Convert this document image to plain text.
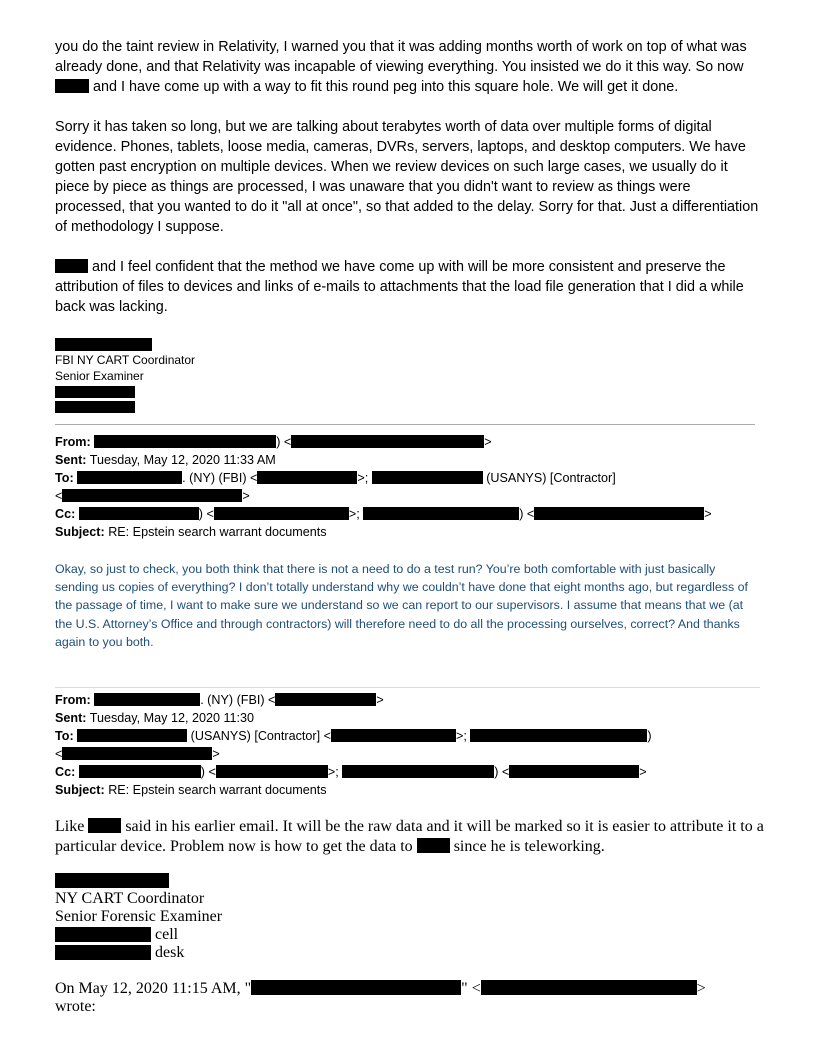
you do the taint review in Relativity, I warned you that it was adding months worth of work on top of what was already done, and that Relativity was incapable of viewing everything. You insisted we do it this way. So now  and I have come up with a way to fit this round peg into this square hole. We will get it done.

Sorry it has taken so long, but we are talking about terabytes worth of data over multiple forms of digital evidence. Phones, tablets, loose media, cameras, DVRs, servers, laptops, and desktop computers. We have gotten past encryption on multiple devices. When we review devices on such large cases, we usually do it piece by piece as things are processed, I was unaware that you didn't want to review as things were processed, that you wanted to do it "all at once", so that added to the delay. Sorry for that. Just a differentiation of methodology I suppose.

and I feel confident that the method we have come up with will be more consistent and preserve the attribution of files to devices and links of e-mails to attachments that the load file generation that I did a while back was lacking.

FBI NY CART Coordinator
Senior Examiner
From:	) <	>
Sent: Tuesday, May 12, 2020 11:33 AM
To:	. (NY) (FBI) <	>;	(USANYS) [Contractor]
<	>
Cc:	) <	>;	) <	>
Subject: RE: Epstein search warrant documents
Okay, so just to check, you both think that there is not a need to do a test run? You’re both comfortable with just basically sending us copies of everything? I don’t totally understand why we couldn’t have done that eight months ago, but regardless of the passage of time, I want to make sure we understand so we can report to our supervisors. I assume that means that we (at the U.S. Attorney’s Office and through contractors) will therefore need to do all the processing ourselves, correct? And thanks again to you both.
From:	. (NY) (FBI) <	>
Sent: Tuesday, May 12, 2020 11:30
To:	(USANYS) [Contractor] <	>;	)
<	>
Cc:	) <	>;	) <	>
Subject: RE: Epstein search warrant documents
Like	said in his earlier email. It will be the raw data and it will be marked so it is easier to attribute it to a particular device. Problem now is how to get the data to	since he is teleworking.
NY CART Coordinator
Senior Forensic Examiner
cell
desk
On May 12, 2020 11:15 AM, "	" <	>
wrote:
